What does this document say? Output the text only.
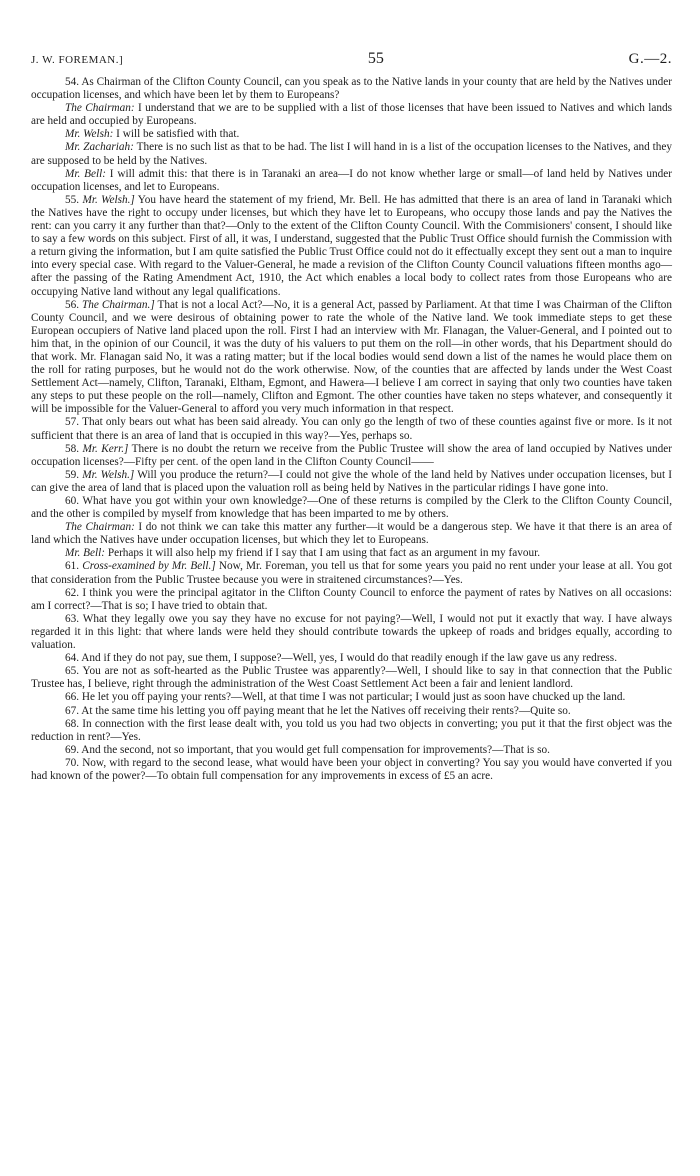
J. W. FOREMAN.]	55	G.—2.

54. As Chairman of the Clifton County Council, can you speak as to the Native lands in your county that are held by the Natives under occupation licenses, and which have been let by them to Europeans?

The Chairman: I understand that we are to be supplied with a list of those licenses that have been issued to Natives and which lands are held and occupied by Europeans.

Mr. Welsh: I will be satisfied with that.

Mr. Zachariah: There is no such list as that to be had. The list I will hand in is a list of the occupation licenses to the Natives, and they are supposed to be held by the Natives.

Mr. Bell: I will admit this: that there is in Taranaki an area—I do not know whether large or small—of land held by Natives under occupation licenses, and let to Europeans.

55. Mr. Welsh.] You have heard the statement of my friend, Mr. Bell. He has admitted that there is an area of land in Taranaki which the Natives have the right to occupy under licenses, but which they have let to Europeans, who occupy those lands and pay the Natives the rent: can you carry it any further than that?—Only to the extent of the Clifton County Council. With the Commisioners' consent, I should like to say a few words on this subject. First of all, it was, I understand, suggested that the Public Trust Office should furnish the Commission with a return giving the information, but I am quite satisfied the Public Trust Office could not do it effectually except they sent out a man to inquire into every special case. With regard to the Valuer-General, he made a revision of the Clifton County Council valuations fifteen months ago—after the passing of the Rating Amendment Act, 1910, the Act which enables a local body to collect rates from those Europeans who are occupying Native land without any legal qualifications.

56. The Chairman.] That is not a local Act?—No, it is a general Act, passed by Parliament. At that time I was Chairman of the Clifton County Council, and we were desirous of obtaining power to rate the whole of the Native land. We took immediate steps to get these European occupiers of Native land placed upon the roll. First I had an interview with Mr. Flanagan, the Valuer-General, and I pointed out to him that, in the opinion of our Council, it was the duty of his valuers to put them on the roll—in other words, that his Department should do that work. Mr. Flanagan said No, it was a rating matter; but if the local bodies would send down a list of the names he would place them on the roll for rating purposes, but he would not do the work otherwise. Now, of the counties that are affected by lands under the West Coast Settlement Act—namely, Clifton, Taranaki, Eltham, Egmont, and Hawera—I believe I am correct in saying that only two counties have taken any steps to put these people on the roll—namely, Clifton and Egmont. The other counties have taken no steps whatever, and consequently it will be impossible for the Valuer-General to afford you very much information in that respect.

57. That only bears out what has been said already. You can only go the length of two of these counties against five or more. Is it not sufficient that there is an area of land that is occupied in this way?—Yes, perhaps so.

58. Mr. Kerr.] There is no doubt the return we receive from the Public Trustee will show the area of land occupied by Natives under occupation licenses?—Fifty per cent. of the open land in the Clifton County Council——

59. Mr. Welsh.] Will you produce the return?—I could not give the whole of the land held by Natives under occupation licenses, but I can give the area of land that is placed upon the valuation roll as being held by Natives in the particular ridings I have gone into.

60. What have you got within your own knowledge?—One of these returns is compiled by the Clerk to the Clifton County Council, and the other is compiled by myself from knowledge that has been imparted to me by others.

The Chairman: I do not think we can take this matter any further—it would be a dangerous step. We have it that there is an area of land which the Natives have under occupation licenses, but which they let to Europeans.

Mr. Bell: Perhaps it will also help my friend if I say that I am using that fact as an argument in my favour.

61. Cross-examined by Mr. Bell.] Now, Mr. Foreman, you tell us that for some years you paid no rent under your lease at all. You got that consideration from the Public Trustee because you were in straitened circumstances?—Yes.

62. I think you were the principal agitator in the Clifton County Council to enforce the payment of rates by Natives on all occasions: am I correct?—That is so; I have tried to obtain that.

63. What they legally owe you say they have no excuse for not paying?—Well, I would not put it exactly that way. I have always regarded it in this light: that where lands were held they should contribute towards the upkeep of roads and bridges equally, according to valuation.

64. And if they do not pay, sue them, I suppose?—Well, yes, I would do that readily enough if the law gave us any redress.

65. You are not as soft-hearted as the Public Trustee was apparently?—Well, I should like to say in that connection that the Public Trustee has, I believe, right through the administration of the West Coast Settlement Act been a fair and lenient landlord.

66. He let you off paying your rents?—Well, at that time I was not particular; I would just as soon have chucked up the land.

67. At the same time his letting you off paying meant that he let the Natives off receiving their rents?—Quite so.

68. In connection with the first lease dealt with, you told us you had two objects in converting; you put it that the first object was the reduction in rent?—Yes.

69. And the second, not so important, that you would get full compensation for improvements?—That is so.

70. Now, with regard to the second lease, what would have been your object in converting? You say you would have converted if you had known of the power?—To obtain full compensation for any improvements in excess of £5 an acre.
